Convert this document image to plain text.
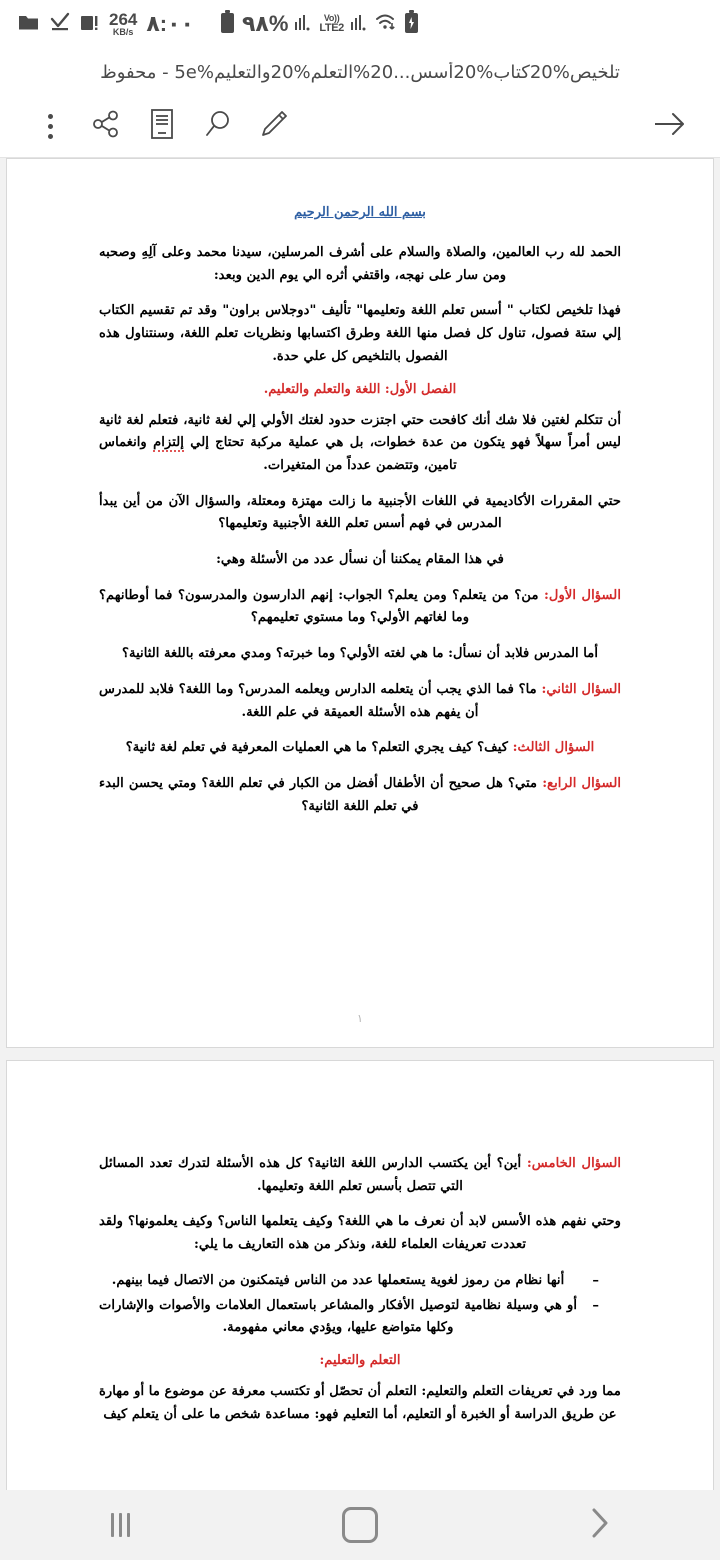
٩٨%	Vo))
LTE2
264
KB/s ٨:٠٠
تلخيص%20كتاب%20أسس...20%التعلم%20والتعليم%5e - محفوظ
بسم الله الرحمن الرحيم

الحمد لله رب العالمين، والصلاة والسلام على أشرف المرسلين، سيدنا محمد وعلى آلِهِ وصحبه ومن سار على نهجه، واقتفي أثره الي يوم الدين وبعد:

فهذا تلخيص لكتاب " أسس تعلم اللغة وتعليمها" تأليف "دوجلاس براون" وقد تم تقسيم الكتاب إلي ستة فصول، تناول كل فصل منها اللغة وطرق اكتسابها ونظريات تعلم اللغة، وسنتناول هذه الفصول بالتلخيص كل علي حدة.

الفصل الأول: اللغة والتعلم والتعليم.

أن تتكلم لغتين فلا شك أنك كافحت حتي اجتزت حدود لغتك الأولي إلي لغة ثانية، فتعلم لغة ثانية ليس أمراً سهلاً فهو يتكون من عدة خطوات، بل هي عملية مركبة تحتاج إلي إلتزام وانغماس تامين، وتتضمن عدداً من المتغيرات.

حتي المقررات الأكاديمية في اللغات الأجنبية ما زالت مهتزة ومعتلة، والسؤال الآن من أين يبدأ المدرس في فهم أسس تعلم اللغة الأجنبية وتعليمها؟

في هذا المقام يمكننا أن نسأل عدد من الأسئلة وهي:

السؤال الأول: من؟ من يتعلم؟ ومن يعلم؟ الجواب: إنهم الدارسون والمدرسون؟ فما أوطانهم؟ وما لغاتهم الأولي؟ وما مستوي تعليمهم؟

أما المدرس فلابد أن نسأل: ما هي لغته الأولي؟ وما خبرته؟ ومدي معرفته باللغة الثانية؟

السؤال الثاني: ما؟ فما الذي يجب أن يتعلمه الدارس ويعلمه المدرس؟ وما اللغة؟ فلابد للمدرس أن يفهم هذه الأسئلة العميقة في علم اللغة.

السؤال الثالث: كيف؟ كيف يجري التعلم؟ ما هي العمليات المعرفية في تعلم لغة ثانية؟

السؤال الرابع: متي؟ هل صحيح أن الأطفال أفضل من الكبار في تعلم اللغة؟ ومتي يحسن البدء في تعلم اللغة الثانية؟

١

السؤال الخامس: أين؟ أين يكتسب الدارس اللغة الثانية؟ كل هذه الأسئلة لتدرك تعدد المسائل التي تتصل بأسس تعلم اللغة وتعليمها.

وحتي نفهم هذه الأسس لابد أن نعرف ما هي اللغة؟ وكيف يتعلمها الناس؟ وكيف يعلمونها؟ ولقد تعددت تعريفات العلماء للغة، ونذكر من هذه التعاريف ما يلي:

– أنها نظام من رموز لغوية يستعملها عدد من الناس فيتمكنون من الاتصال فيما بينهم.
– أو هي وسيلة نظامية لتوصيل الأفكار والمشاعر باستعمال العلامات والأصوات والإشارات وكلها متواضع عليها، ويؤدي معاني مفهومة.
التعلم والتعليم:

مما ورد في تعريفات التعلم والتعليم: التعلم أن تحصّل أو تكتسب معرفة عن موضوع ما أو مهارة عن طريق الدراسة أو الخبرة أو التعليم، أما التعليم فهو: مساعدة شخص ما على أن يتعلم كيف
